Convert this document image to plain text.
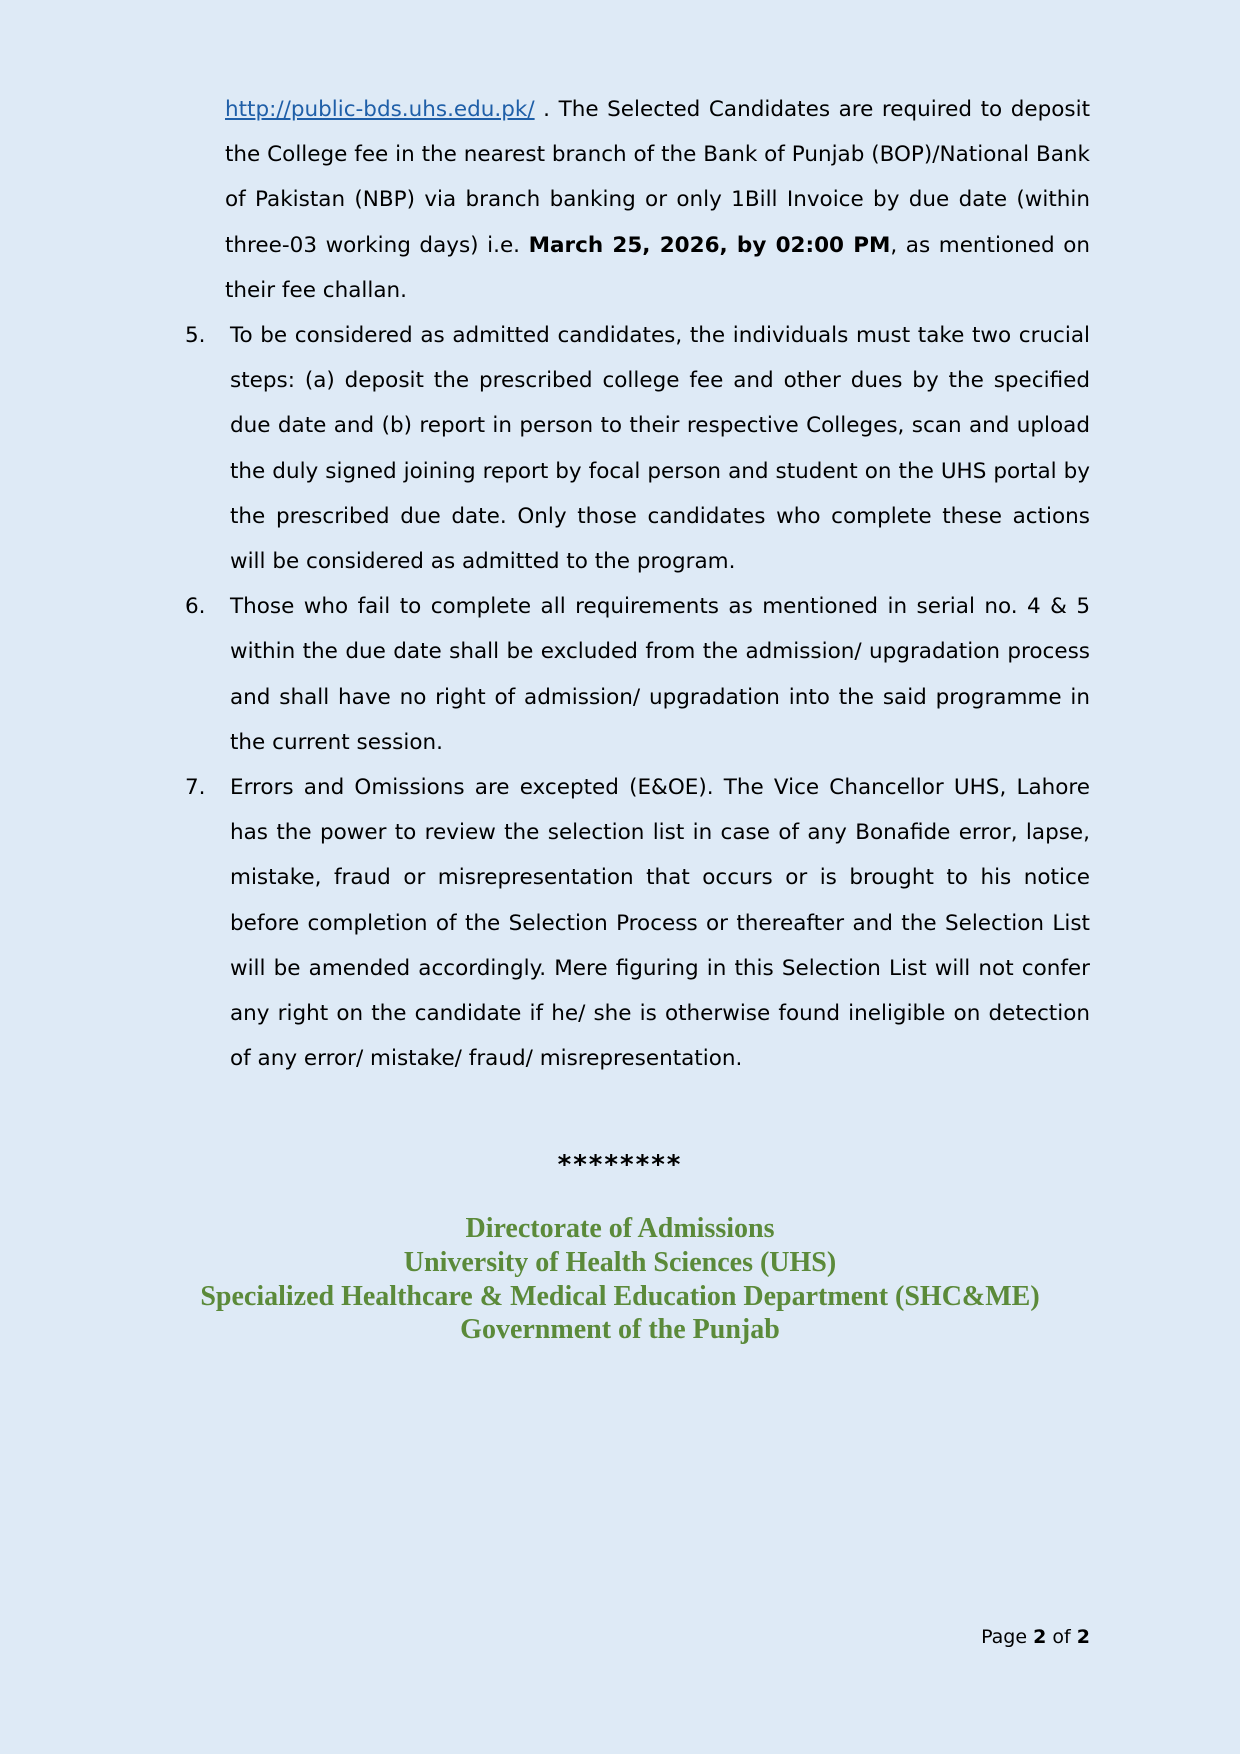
http://public-bds.uhs.edu.pk/ . The Selected Candidates are required to deposit the College fee in the nearest branch of the Bank of Punjab (BOP)/National Bank of Pakistan (NBP) via branch banking or only 1Bill Invoice by due date (within three-03 working days) i.e. March 25, 2026, by 02:00 PM, as mentioned on their fee challan.
5.	To be considered as admitted candidates, the individuals must take two crucial steps: (a) deposit the prescribed college fee and other dues by the specified due date and (b) report in person to their respective Colleges, scan and upload the duly signed joining report by focal person and student on the UHS portal by the prescribed due date. Only those candidates who complete these actions will be considered as admitted to the program.
6.	Those who fail to complete all requirements as mentioned in serial no. 4 & 5 within the due date shall be excluded from the admission/ upgradation process and shall have no right of admission/ upgradation into the said programme in the current session.
7.	Errors and Omissions are excepted (E&OE). The Vice Chancellor UHS, Lahore has the power to review the selection list in case of any Bonafide error, lapse, mistake, fraud or misrepresentation that occurs or is brought to his notice before completion of the Selection Process or thereafter and the Selection List will be amended accordingly. Mere figuring in this Selection List will not confer any right on the candidate if he/ she is otherwise found ineligible on detection of any error/ mistake/ fraud/ misrepresentation.
********
Directorate of Admissions
University of Health Sciences (UHS)
Specialized Healthcare & Medical Education Department (SHC&ME)
Government of the Punjab
Page 2 of 2
